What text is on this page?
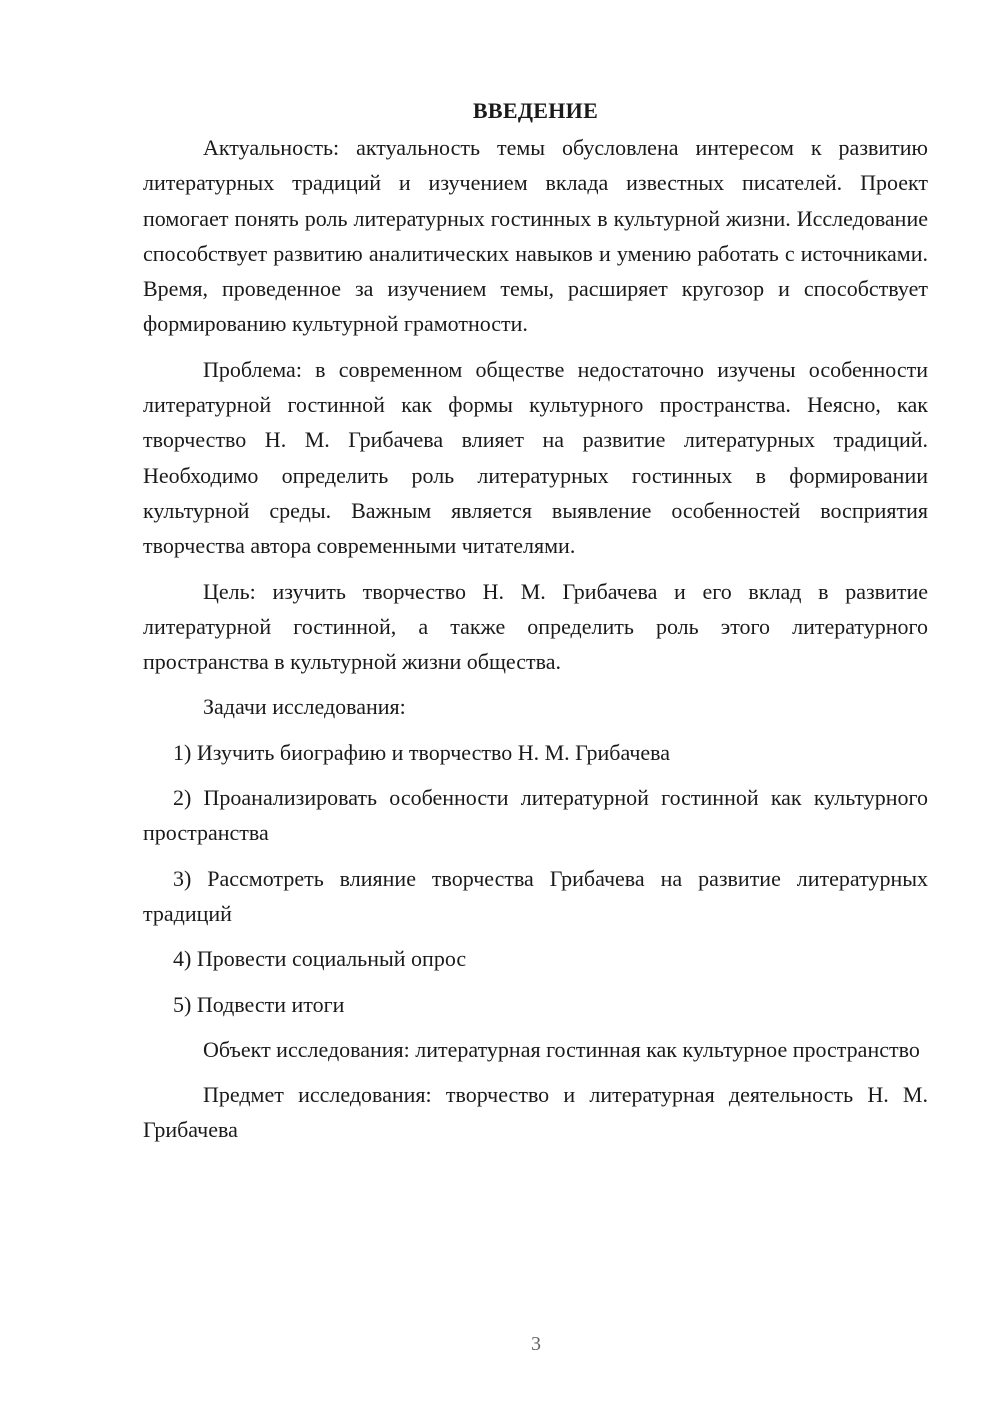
ВВЕДЕНИЕ

Актуальность: актуальность темы обусловлена интересом к развитию литературных традиций и изучением вклада известных писателей. Проект помогает понять роль литературных гостинных в культурной жизни. Исследование способствует развитию аналитических навыков и умению работать с источниками. Время, проведенное за изучением темы, расширяет кругозор и способствует формированию культурной грамотности.

Проблема: в современном обществе недостаточно изучены особенности литературной гостинной как формы культурного пространства. Неясно, как творчество Н. М. Грибачева влияет на развитие литературных традиций. Необходимо определить роль литературных гостинных в формировании культурной среды. Важным является выявление особенностей восприятия творчества автора современными читателями.

Цель: изучить творчество Н. М. Грибачева и его вклад в развитие литературной гостинной, а также определить роль этого литературного пространства в культурной жизни общества.

Задачи исследования:

1) Изучить биографию и творчество Н. М. Грибачева

2) Проанализировать особенности литературной гостинной как культурного пространства

3) Рассмотреть влияние творчества Грибачева на развитие литературных традиций

4) Провести социальный опрос

5) Подвести итоги

Объект исследования: литературная гостинная как культурное пространство

Предмет исследования: творчество и литературная деятельность Н. М. Грибачева

3
